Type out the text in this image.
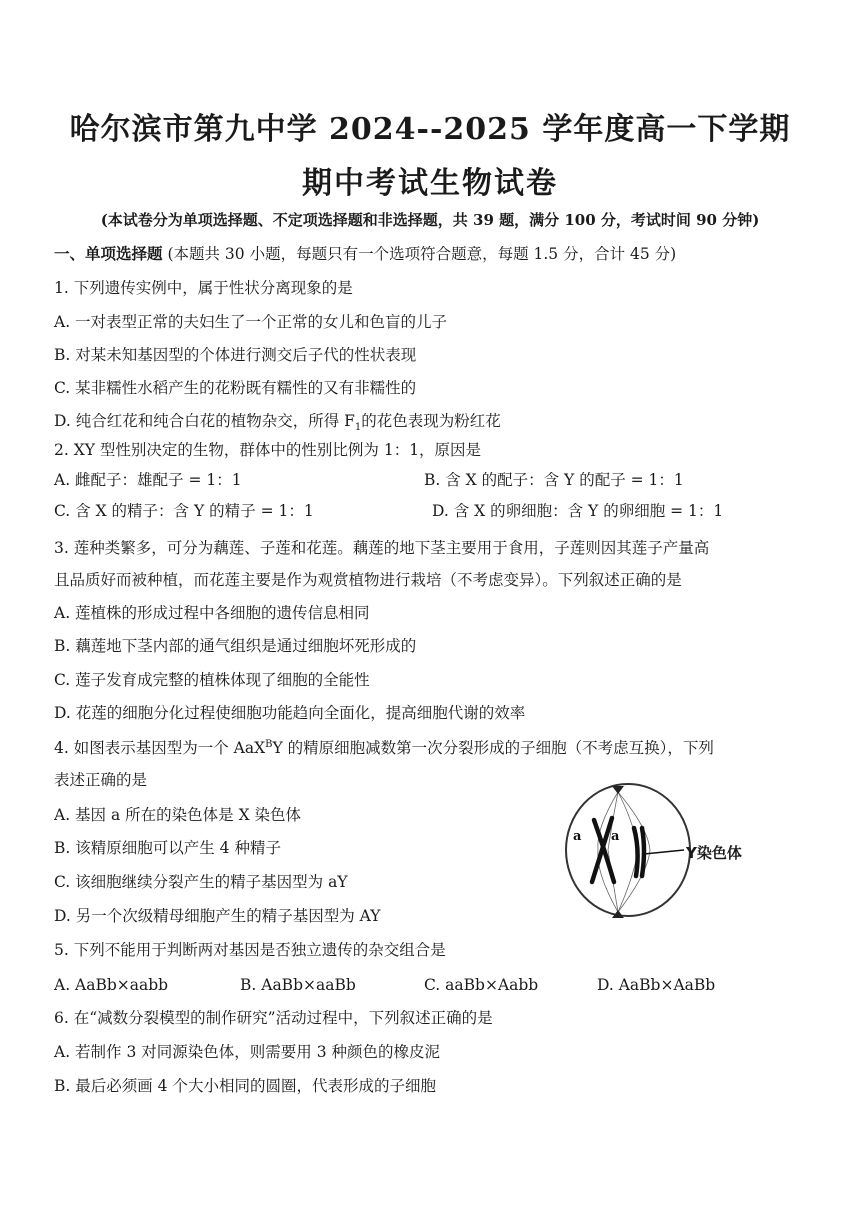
哈尔滨市第九中学 2024--2025 学年度高一下学期
期中考试生物试卷
(本试卷分为单项选择题、不定项选择题和非选择题，共 39 题，满分 100 分，考试时间 90 分钟)
一、单项选择题 (本题共 30 小题，每题只有一个选项符合题意，每题 1.5 分，合计 45 分)
1. 下列遗传实例中，属于性状分离现象的是
A. 一对表型正常的夫妇生了一个正常的女儿和色盲的儿子
B. 对某未知基因型的个体进行测交后子代的性状表现
C. 某非糯性水稻产生的花粉既有糯性的又有非糯性的
D. 纯合红花和纯合白花的植物杂交，所得 $F_1$的花色表现为粉红花
2. XY 型性别决定的生物，群体中的性别比例为 1：1，原因是
A. 雌配子：雄配子 = 1：1	B. 含 X 的配子：含 Y 的配子 = 1：1
C. 含 X 的精子：含 Y 的精子 = 1：1	D. 含 X 的卵细胞：含 Y 的卵细胞 = 1：1
3. 莲种类繁多，可分为藕莲、子莲和花莲。藕莲的地下茎主要用于食用，子莲则因其莲子产量高
且品质好而被种植，而花莲主要是作为观赏植物进行栽培（不考虑变异）。下列叙述正确的是
A. 莲植株的形成过程中各细胞的遗传信息相同
B. 藕莲地下茎内部的通气组织是通过细胞坏死形成的
C. 莲子发育成完整的植株体现了细胞的全能性
D. 花莲的细胞分化过程使细胞功能趋向全面化，提高细胞代谢的效率
4. 如图表示基因型为一个 AaX$^B$Y 的精原细胞减数第一次分裂形成的子细胞（不考虑互换），下列
表述正确的是
A. 基因 a 所在的染色体是 X 染色体
B. 该精原细胞可以产生 4 种精子
C. 该细胞继续分裂产生的精子基因型为 aY
D. 另一个次级精母细胞产生的精子基因型为 AY
a a
Y染色体
5. 下列不能用于判断两对基因是否独立遗传的杂交组合是
A. AaBb×aabb	B. AaBb×aaBb	C. aaBb×Aabb	D. AaBb×AaBb
6. 在“减数分裂模型的制作研究”活动过程中，下列叙述正确的是
A. 若制作 3 对同源染色体，则需要用 3 种颜色的橡皮泥
B. 最后必须画 4 个大小相同的圆圈，代表形成的子细胞
